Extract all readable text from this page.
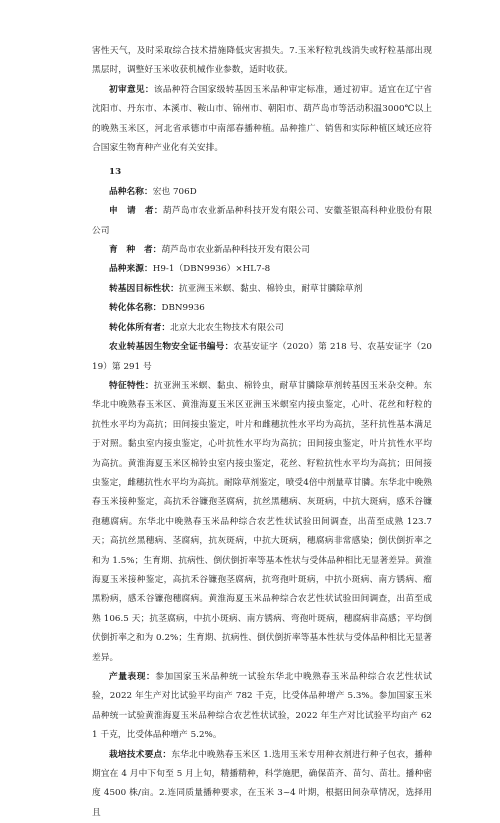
害性天气，及时采取综合技术措施降低灾害损失。7.玉米籽粒乳线消失或籽粒基部出现黑层时，调整好玉米收获机械作业参数，适时收获。

初审意见：该品种符合国家级转基因玉米品种审定标准，通过初审。适宜在辽宁省沈阳市、丹东市、本溪市、鞍山市、锦州市、朝阳市、葫芦岛市等活动积温3000℃以上的晚熟玉米区，河北省承德市中南部春播种植。品种推广、销售和实际种植区域还应符合国家生物育种产业化有关安排。

13

品种名称：宏也 706D

申　请　者：葫芦岛市农业新品种科技开发有限公司、安徽荃银高科种业股份有限公司

育　种　者：葫芦岛市农业新品种科技开发有限公司

品种来源：H9-1（DBN9936）×HL7-8

转基因目标性状：抗亚洲玉米螟、黏虫、棉铃虫，耐草甘膦除草剂

转化体名称：DBN9936

转化体所有者：北京大北农生物技术有限公司

农业转基因生物安全证书编号：农基安证字（2020）第 218 号、农基安证字（2019）第 291 号

特征特性：抗亚洲玉米螟、黏虫、棉铃虫，耐草甘膦除草剂转基因玉米杂交种。东华北中晚熟春玉米区、黄淮海夏玉米区亚洲玉米螟室内接虫鉴定，心叶、花丝和籽粒的抗性水平均为高抗；田间接虫鉴定，叶片和雌穗抗性水平均为高抗，茎秆抗性基本满足于对照。黏虫室内接虫鉴定，心叶抗性水平均为高抗；田间接虫鉴定，叶片抗性水平均为高抗。黄淮海夏玉米区棉铃虫室内接虫鉴定，花丝、籽粒抗性水平均为高抗；田间接虫鉴定，雌穗抗性水平均为高抗。耐除草剂鉴定，喷受4倍中剂量草甘膦。东华北中晚熟春玉米接种鉴定，高抗禾谷镰孢茎腐病，抗丝黑穗病、灰斑病，中抗大斑病，感禾谷镰孢穗腐病。东华北中晚熟春玉米品种综合农艺性状试验田间调查，出苗至成熟 123.7 天；高抗丝黑穗病、茎腐病，抗灰斑病，中抗大斑病，穗腐病非常感染；倒伏倒折率之和为 1.5%；生育期、抗病性、倒伏倒折率等基本性状与受体品种相比无显著差异。黄淮海夏玉米接种鉴定，高抗禾谷镰孢茎腐病，抗弯孢叶斑病，中抗小斑病、南方锈病、瘤黑粉病，感禾谷镰孢穗腐病。黄淮海夏玉米品种综合农艺性状试验田间调查，出苗至成熟 106.5 天；抗茎腐病，中抗小斑病、南方锈病、弯孢叶斑病，穗腐病非高感；平均倒伏倒折率之和为 0.2%；生育期、抗病性、倒伏倒折率等基本性状与受体品种相比无显著差异。

产量表现：参加国家玉米品种统一试验东华北中晚熟春玉米品种综合农艺性状试验，2022 年生产对比试验平均亩产 782 千克，比受体品种增产 5.3%。参加国家玉米品种统一试验黄淮海夏玉米品种综合农艺性状试验，2022 年生产对比试验平均亩产 621 千克，比受体品种增产 5.2%。

栽培技术要点：东华北中晚熟春玉米区 1.选用玉米专用种衣剂进行种子包衣，播种期宜在 4 月中下旬至 5 月上旬，精播精种，科学施肥，确保苗齐、苗匀、苗壮。播种密度 4500 株/亩。2.连同质量播种要求，在玉米 3~4 叶期，根据田间杂草情况，选择用且
